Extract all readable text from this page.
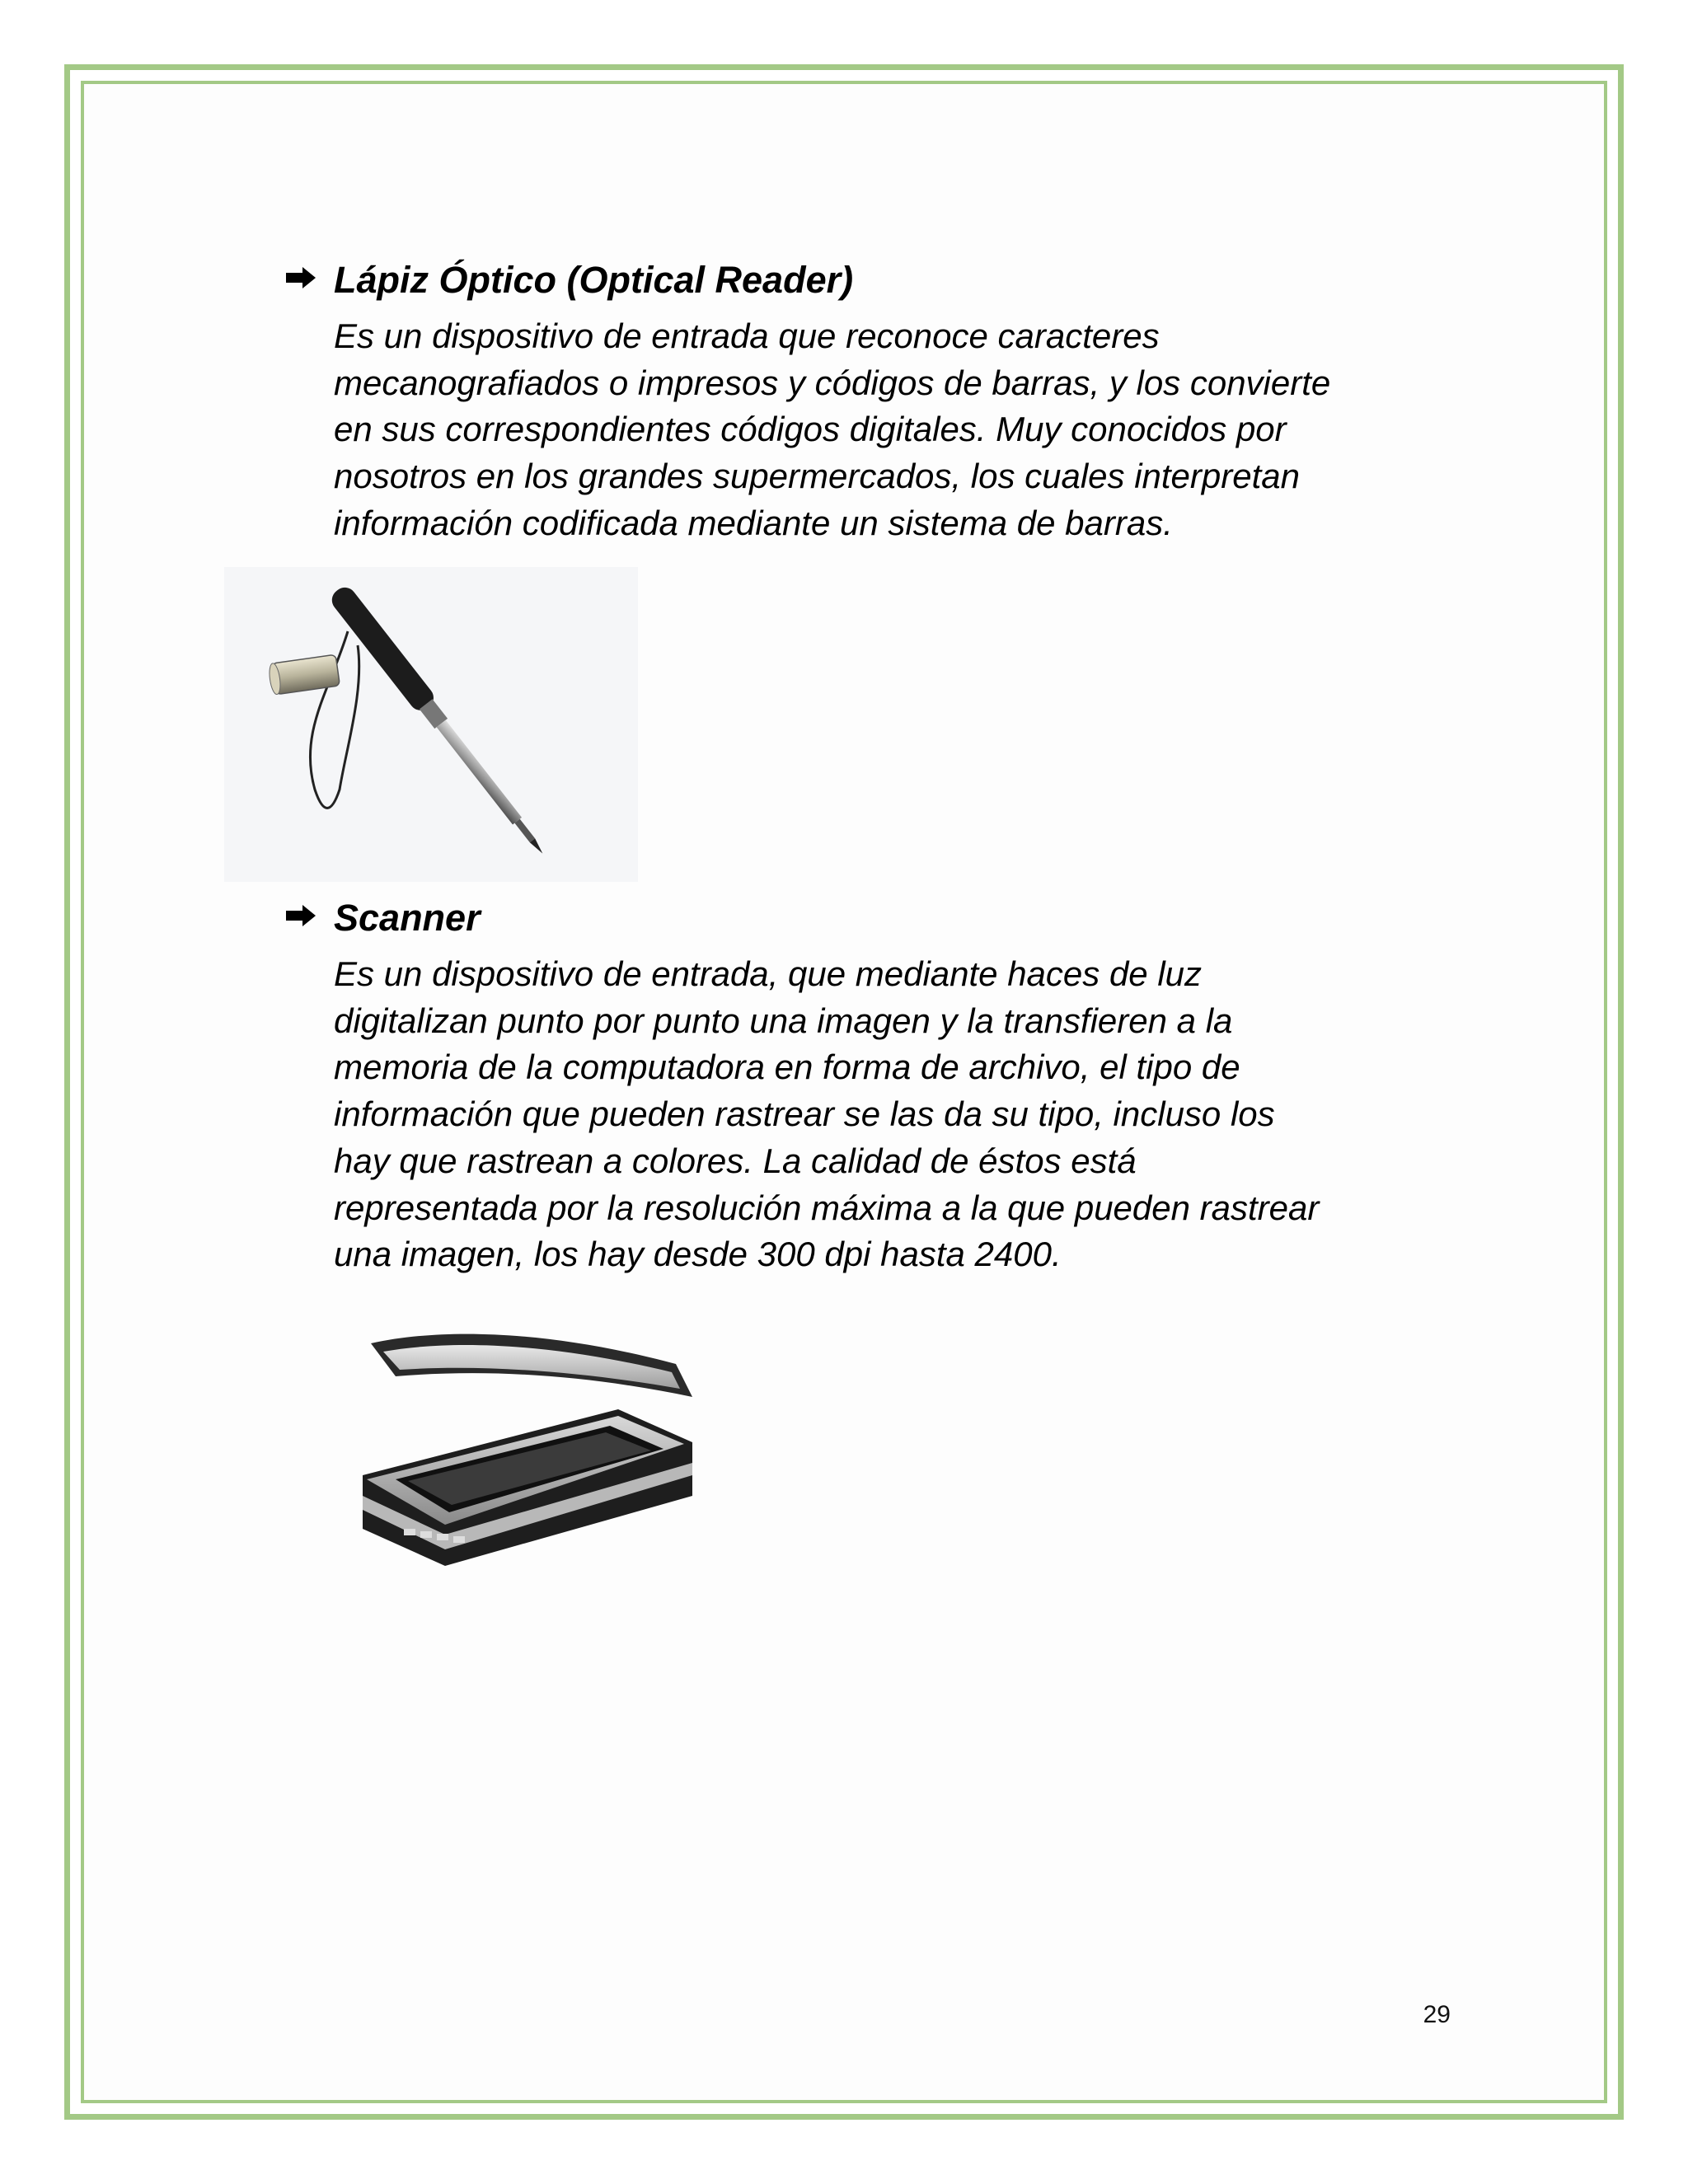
Lápiz Óptico (Optical Reader)
Es un dispositivo de entrada que reconoce caracteres
mecanografiados o impresos y códigos de barras, y los convierte
en sus correspondientes códigos digitales. Muy conocidos por
nosotros en los grandes supermercados, los cuales interpretan
información codificada mediante un sistema de barras.
Scanner
Es un dispositivo de entrada, que mediante haces de luz
digitalizan punto por punto una imagen y la transfieren a la
memoria de la computadora en forma de archivo, el tipo de
información que pueden rastrear se las da su tipo, incluso los
hay que rastrean a colores. La calidad de éstos está
representada por la resolución máxima a la que pueden rastrear
una imagen, los hay desde 300 dpi hasta 2400.
29
